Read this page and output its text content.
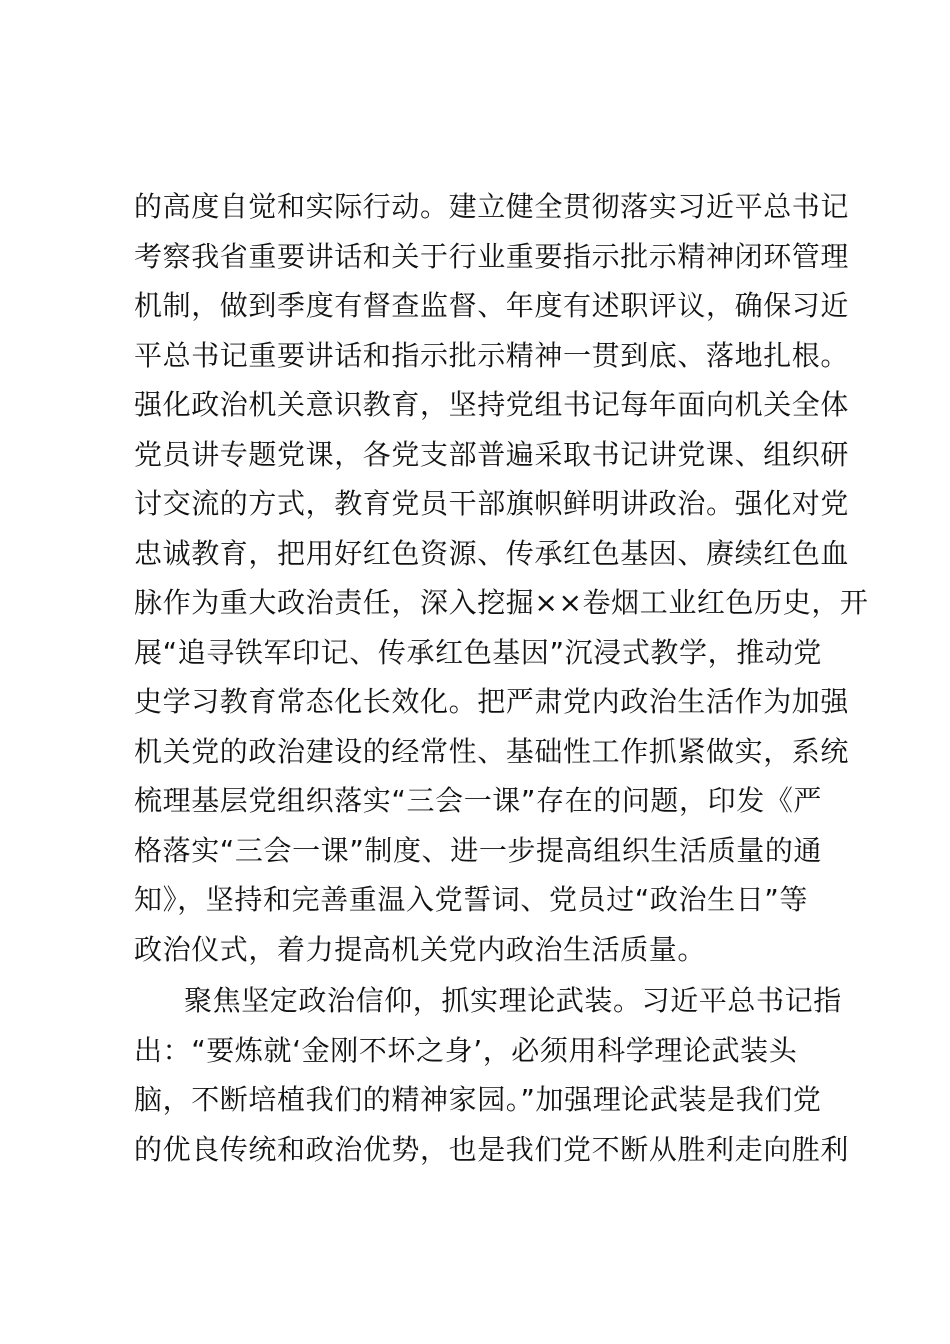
的高度自觉和实际行动。建立健全贯彻落实习近平总书记
考察我省重要讲话和关于行业重要指示批示精神闭环管理
机制，做到季度有督查监督、年度有述职评议，确保习近
平总书记重要讲话和指示批示精神一贯到底、落地扎根。
强化政治机关意识教育，坚持党组书记每年面向机关全体
党员讲专题党课，各党支部普遍采取书记讲党课、组织研
讨交流的方式，教育党员干部旗帜鲜明讲政治。强化对党
忠诚教育，把用好红色资源、传承红色基因、赓续红色血
脉作为重大政治责任，深入挖掘××卷烟工业红色历史，开
展“追寻铁军印记、传承红色基因”沉浸式教学，推动党
史学习教育常态化长效化。把严肃党内政治生活作为加强
机关党的政治建设的经常性、基础性工作抓紧做实，系统
梳理基层党组织落实“三会一课”存在的问题，印发《严
格落实“三会一课”制度、进一步提高组织生活质量的通
知》，坚持和完善重温入党誓词、党员过“政治生日”等
政治仪式，着力提高机关党内政治生活质量。
聚焦坚定政治信仰，抓实理论武装。习近平总书记指
出：“要炼就‘金刚不坏之身’，必须用科学理论武装头
脑，不断培植我们的精神家园。”加强理论武装是我们党
的优良传统和政治优势，也是我们党不断从胜利走向胜利
